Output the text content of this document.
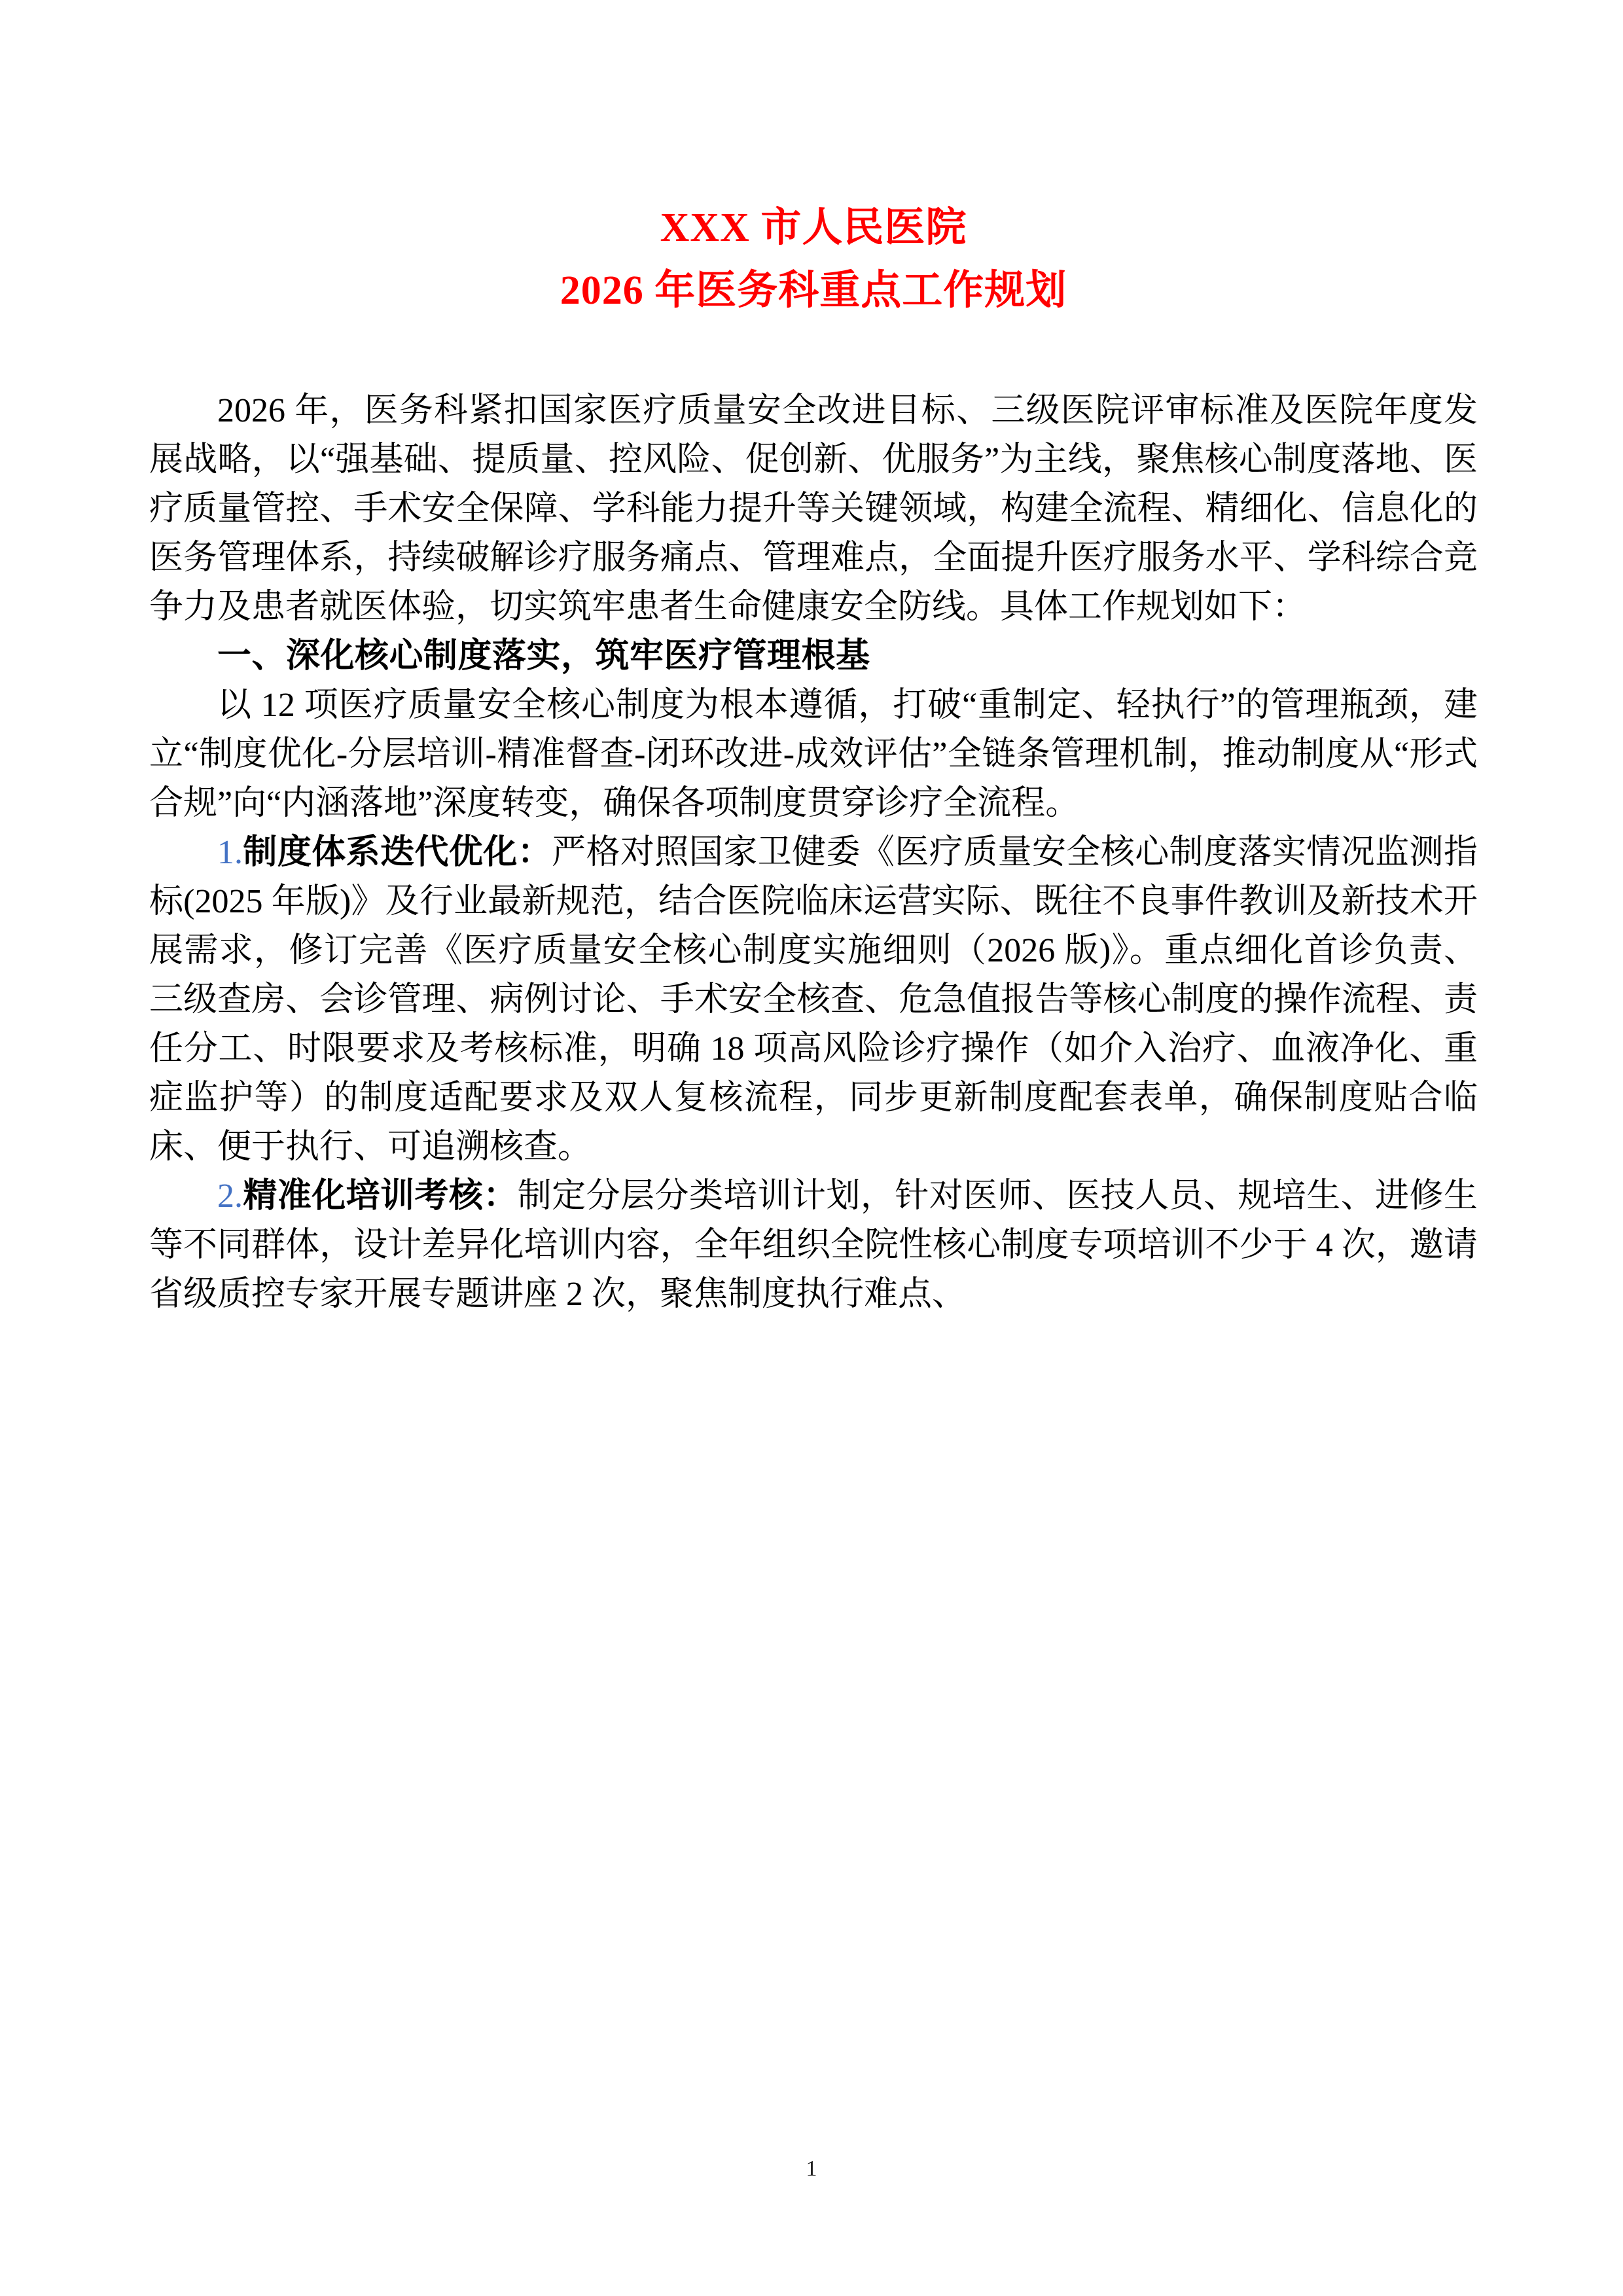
XXX 市人民医院
2026 年医务科重点工作规划

2026 年，医务科紧扣国家医疗质量安全改进目标、三级医院评审标准及医院年度发展战略，以“强基础、提质量、控风险、促创新、优服务”为主线，聚焦核心制度落地、医疗质量管控、手术安全保障、学科能力提升等关键领域，构建全流程、精细化、信息化的医务管理体系，持续破解诊疗服务痛点、管理难点，全面提升医疗服务水平、学科综合竞争力及患者就医体验，切实筑牢患者生命健康安全防线。具体工作规划如下：

一、深化核心制度落实，筑牢医疗管理根基

以 12 项医疗质量安全核心制度为根本遵循，打破“重制定、轻执行”的管理瓶颈，建立“制度优化-分层培训-精准督查-闭环改进-成效评估”全链条管理机制，推动制度从“形式合规”向“内涵落地”深度转变，确保各项制度贯穿诊疗全流程。

1.制度体系迭代优化：严格对照国家卫健委《医疗质量安全核心制度落实情况监测指标(2025 年版)》及行业最新规范，结合医院临床运营实际、既往不良事件教训及新技术开展需求，修订完善《医疗质量安全核心制度实施细则（2026 版)》。重点细化首诊负责、三级查房、会诊管理、病例讨论、手术安全核查、危急值报告等核心制度的操作流程、责任分工、时限要求及考核标准，明确 18 项高风险诊疗操作（如介入治疗、血液净化、重症监护等）的制度适配要求及双人复核流程，同步更新制度配套表单，确保制度贴合临床、便于执行、可追溯核查。

2.精准化培训考核：制定分层分类培训计划，针对医师、医技人员、规培生、进修生等不同群体，设计差异化培训内容，全年组织全院性核心制度专项培训不少于 4 次，邀请省级质控专家开展专题讲座 2 次，聚焦制度执行难点、

1
